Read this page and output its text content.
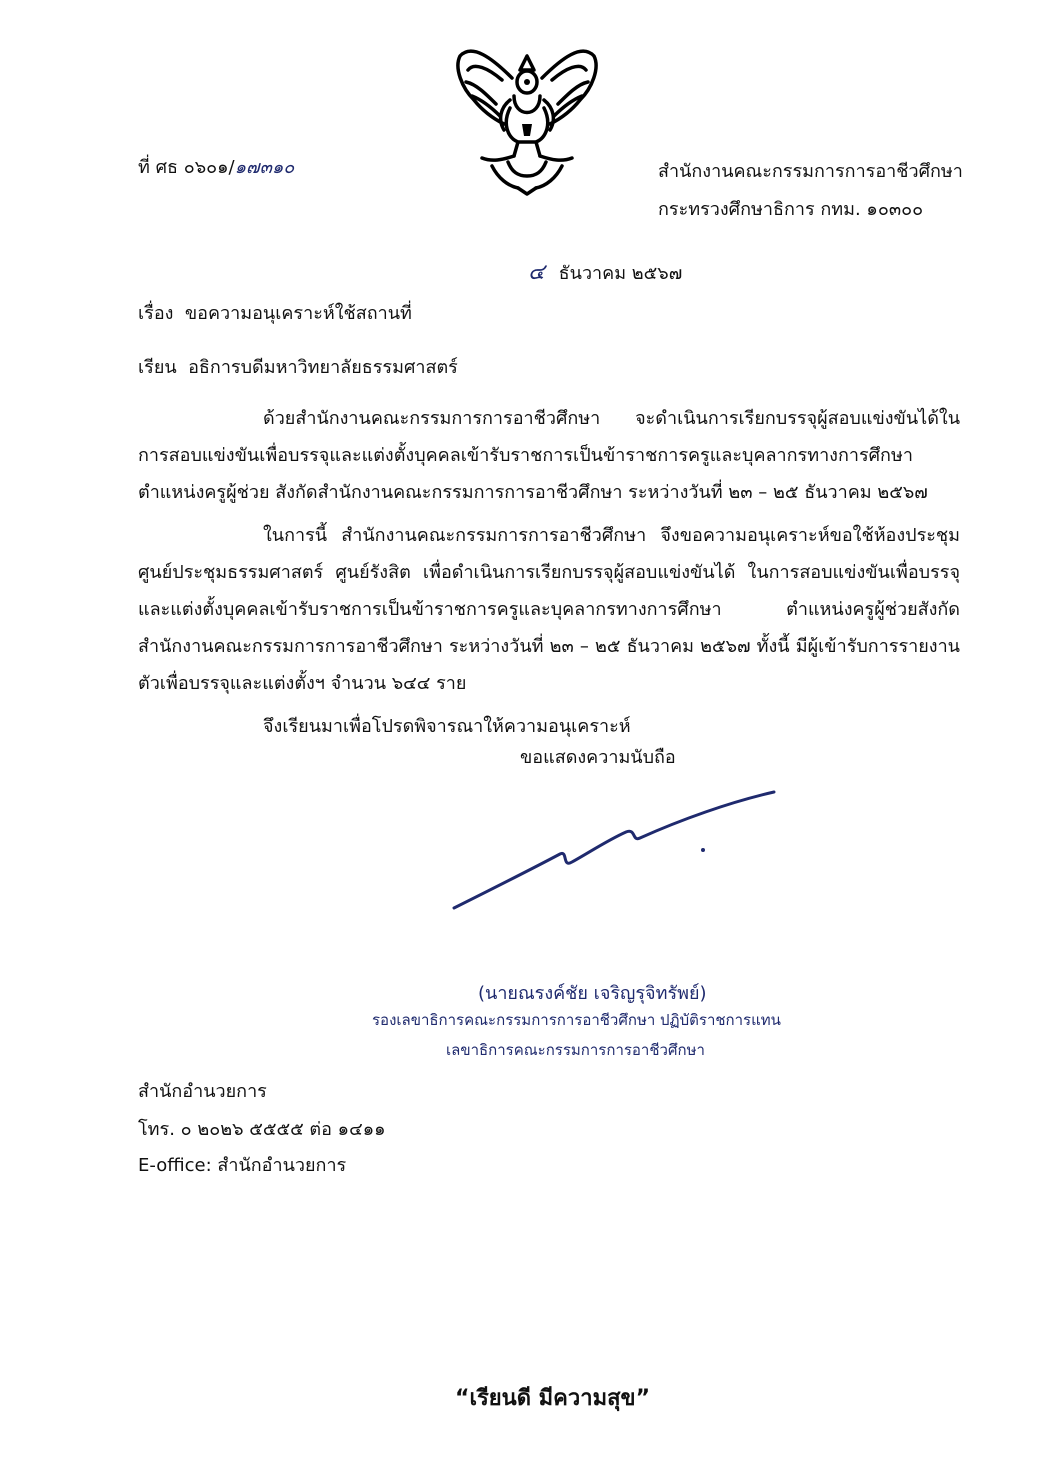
ที่ ศธ ๐๖๐๑/๑๗๓๑๐	สำนักงานคณะกรรมการการอาชีวศึกษา
กระทรวงศึกษาธิการ กทม. ๑๐๓๐๐
๔ ธันวาคม ๒๕๖๗
เรื่อง ขอความอนุเคราะห์ใช้สถานที่
เรียน อธิการบดีมหาวิทยาลัยธรรมศาสตร์

ด้วยสำนักงานคณะกรรมการการอาชีวศึกษา จะดำเนินการเรียกบรรจุผู้สอบแข่งขันได้ในการสอบแข่งขันเพื่อบรรจุและแต่งตั้งบุคคลเข้ารับราชการเป็นข้าราชการครูและบุคลากรทางการศึกษา ตำแหน่งครูผู้ช่วย สังกัดสำนักงานคณะกรรมการการอาชีวศึกษา ระหว่างวันที่ ๒๓ – ๒๕ ธันวาคม ๒๕๖๗

ในการนี้ สำนักงานคณะกรรมการการอาชีวศึกษา จึงขอความอนุเคราะห์ขอใช้ห้องประชุมศูนย์ประชุมธรรมศาสตร์ ศูนย์รังสิต เพื่อดำเนินการเรียกบรรจุผู้สอบแข่งขันได้ ในการสอบแข่งขันเพื่อบรรจุและแต่งตั้งบุคคลเข้ารับราชการเป็นข้าราชการครูและบุคลากรทางการศึกษา ตำแหน่งครูผู้ช่วยสังกัดสำนักงานคณะกรรมการการอาชีวศึกษา ระหว่างวันที่ ๒๓ – ๒๕ ธันวาคม ๒๕๖๗ ทั้งนี้ มีผู้เข้ารับการรายงานตัวเพื่อบรรจุและแต่งตั้งฯ จำนวน ๖๔๔ ราย

จึงเรียนมาเพื่อโปรดพิจารณาให้ความอนุเคราะห์

ขอแสดงความนับถือ
(นายณรงค์ชัย เจริญรุจิทรัพย์)
รองเลขาธิการคณะกรรมการการอาชีวศึกษา ปฏิบัติราชการแทน
เลขาธิการคณะกรรมการการอาชีวศึกษา
สำนักอำนวยการ
โทร. ๐ ๒๐๒๖ ๕๕๕๕ ต่อ ๑๔๑๑
E-office: สำนักอำนวยการ
“เรียนดี มีความสุข”
